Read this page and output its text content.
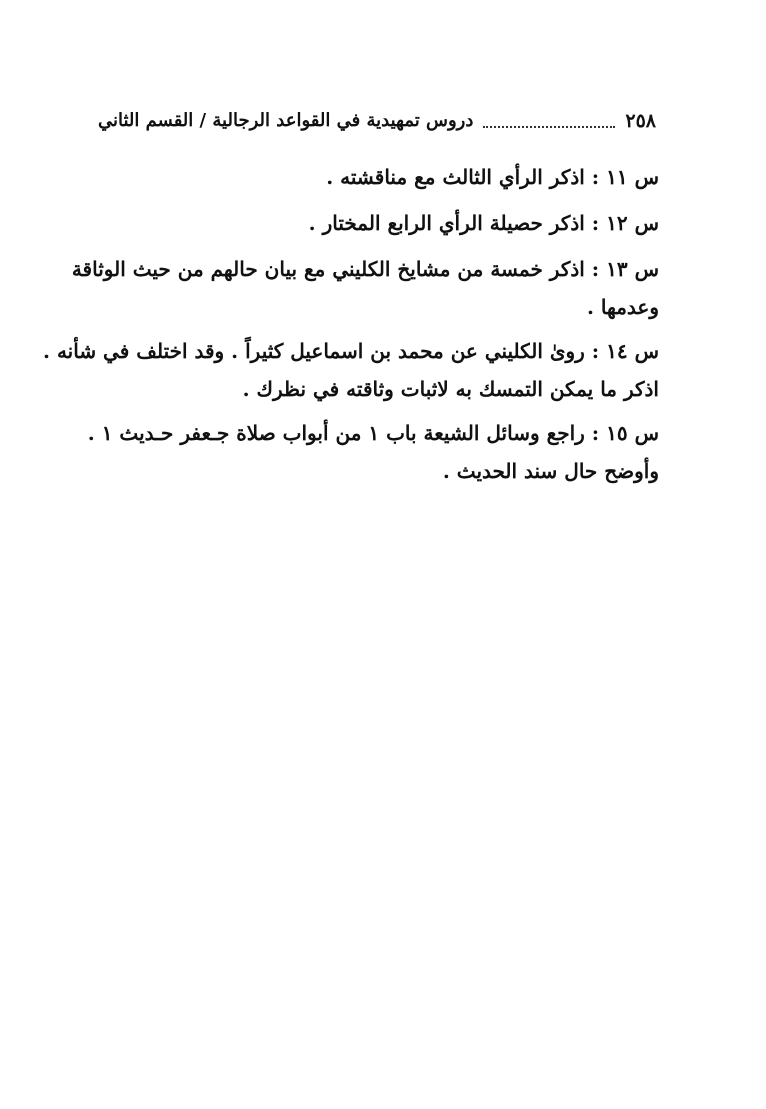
٢٥٨
دروس تمهيدية في القواعد الرجالية / القسم الثاني
س ١١ : اذكر الرأي الثالث مع مناقشته .
س ١٢ : اذكر حصيلة الرأي الرابع المختار .
س ١٣ : اذكر خمسة من مشايخ الكليني مع بيان حالهم من حيث الوثاقة
وعدمها .
س ١٤ : رویٰ الكليني عن محمد بن اسماعيل كثيراً . وقد اختلف في شأنه .
اذكر ما يمكن التمسك به لاثبات وثاقته في نظرك .
س ١٥ : راجع وسائل الشيعة باب ١ من أبواب صلاة جـعفر حـديث ١ .
وأوضح حال سند الحديث .
